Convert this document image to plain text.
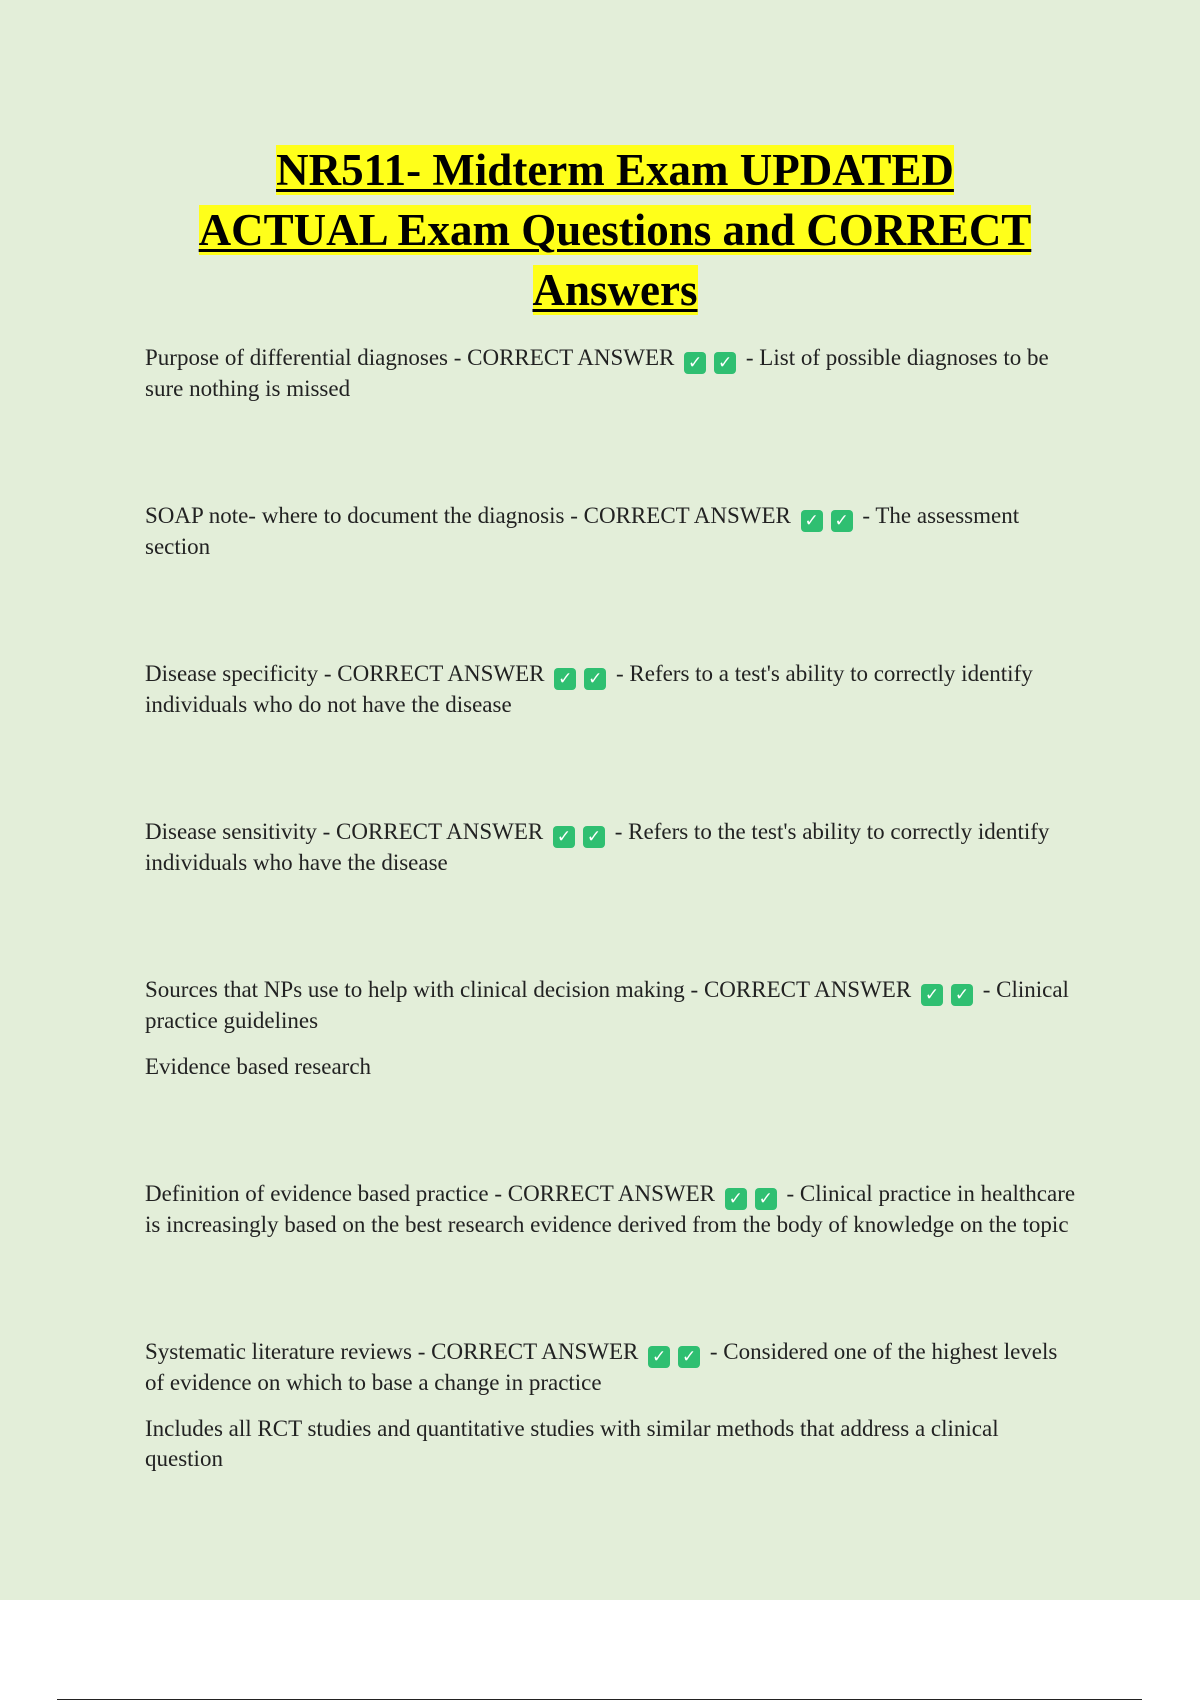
NR511- Midterm Exam UPDATED
ACTUAL Exam Questions and CORRECT
Answers

Purpose of differential diagnoses - CORRECT ANSWER ✓ ✓ - List of possible diagnoses to be sure nothing is missed

SOAP note- where to document the diagnosis - CORRECT ANSWER ✓ ✓ - The assessment section

Disease specificity - CORRECT ANSWER ✓ ✓ - Refers to a test's ability to correctly identify individuals who do not have the disease

Disease sensitivity - CORRECT ANSWER ✓ ✓ - Refers to the test's ability to correctly identify individuals who have the disease

Sources that NPs use to help with clinical decision making - CORRECT ANSWER ✓ ✓ - Clinical practice guidelines

Evidence based research

Definition of evidence based practice - CORRECT ANSWER ✓ ✓ - Clinical practice in healthcare is increasingly based on the best research evidence derived from the body of knowledge on the topic

Systematic literature reviews - CORRECT ANSWER ✓ ✓ - Considered one of the highest levels of evidence on which to base a change in practice

Includes all RCT studies and quantitative studies with similar methods that address a clinical question
